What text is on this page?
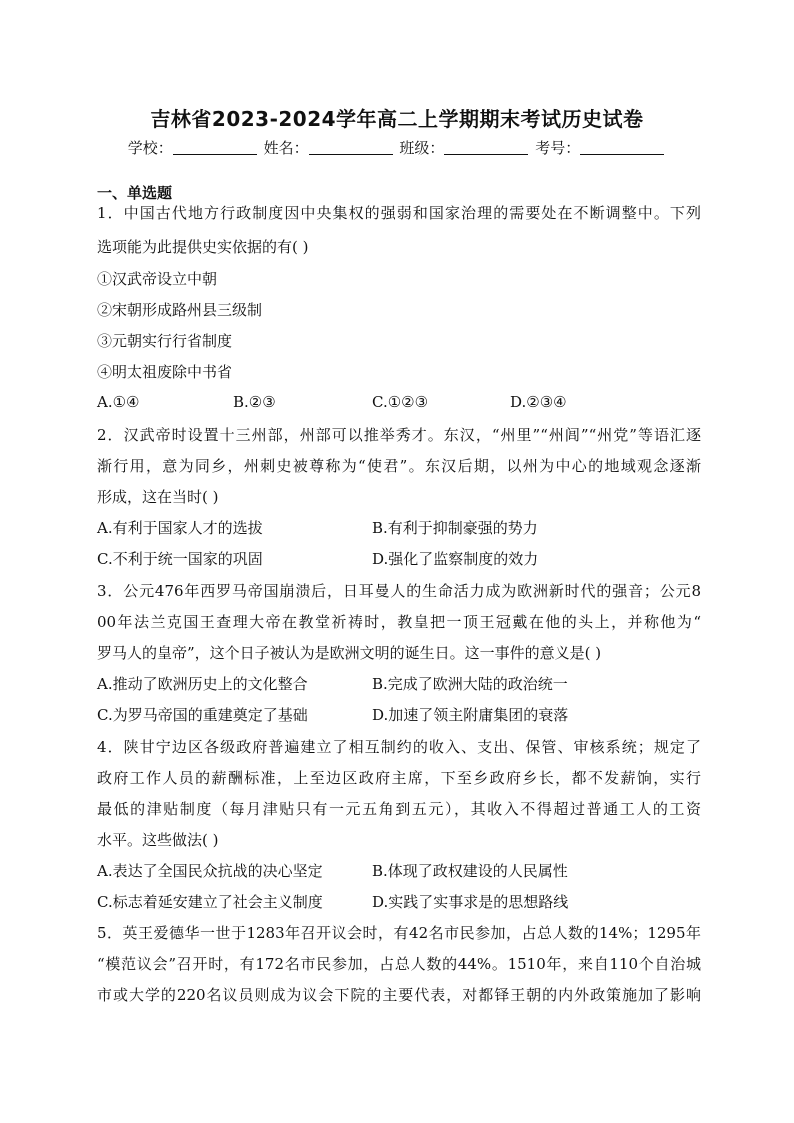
吉林省2023-2024学年高二上学期期末考试历史试卷
学校：	姓名：	班级：	考号：
一、单选题
1．中国古代地方行政制度因中央集权的强弱和国家治理的需要处在不断调整中。下列
选项能为此提供史实依据的有( )
①汉武帝设立中朝
②宋朝形成路州县三级制
③元朝实行行省制度
④明太祖废除中书省
A.①④	B.②③	C.①②③	D.②③④
2．汉武帝时设置十三州部，州部可以推举秀才。东汉，“州里”“州闾”“州党”等语汇逐
渐行用，意为同乡，州刺史被尊称为“使君”。东汉后期，以州为中心的地域观念逐渐
形成，这在当时( )
A.有利于国家人才的选拔	B.有利于抑制豪强的势力
C.不利于统一国家的巩固	D.强化了监察制度的效力
3．公元476年西罗马帝国崩溃后，日耳曼人的生命活力成为欧洲新时代的强音；公元8
00年法兰克国王查理大帝在教堂祈祷时，教皇把一顶王冠戴在他的头上，并称他为“
罗马人的皇帝”，这个日子被认为是欧洲文明的诞生日。这一事件的意义是( )
A.推动了欧洲历史上的文化整合	B.完成了欧洲大陆的政治统一
C.为罗马帝国的重建奠定了基础	D.加速了领主附庸集团的衰落
4．陕甘宁边区各级政府普遍建立了相互制约的收入、支出、保管、审核系统；规定了
政府工作人员的薪酬标准，上至边区政府主席，下至乡政府乡长，都不发薪饷，实行
最低的津贴制度（每月津贴只有一元五角到五元），其收入不得超过普通工人的工资
水平。这些做法( )
A.表达了全国民众抗战的决心坚定	B.体现了政权建设的人民属性
C.标志着延安建立了社会主义制度	D.实践了实事求是的思想路线
5．英王爱德华一世于1283年召开议会时，有42名市民参加，占总人数的14%；1295年
“模范议会”召开时，有172名市民参加，占总人数的44%。1510年，来自110个自治城
市或大学的220名议员则成为议会下院的主要代表，对都铎王朝的内外政策施加了影响
